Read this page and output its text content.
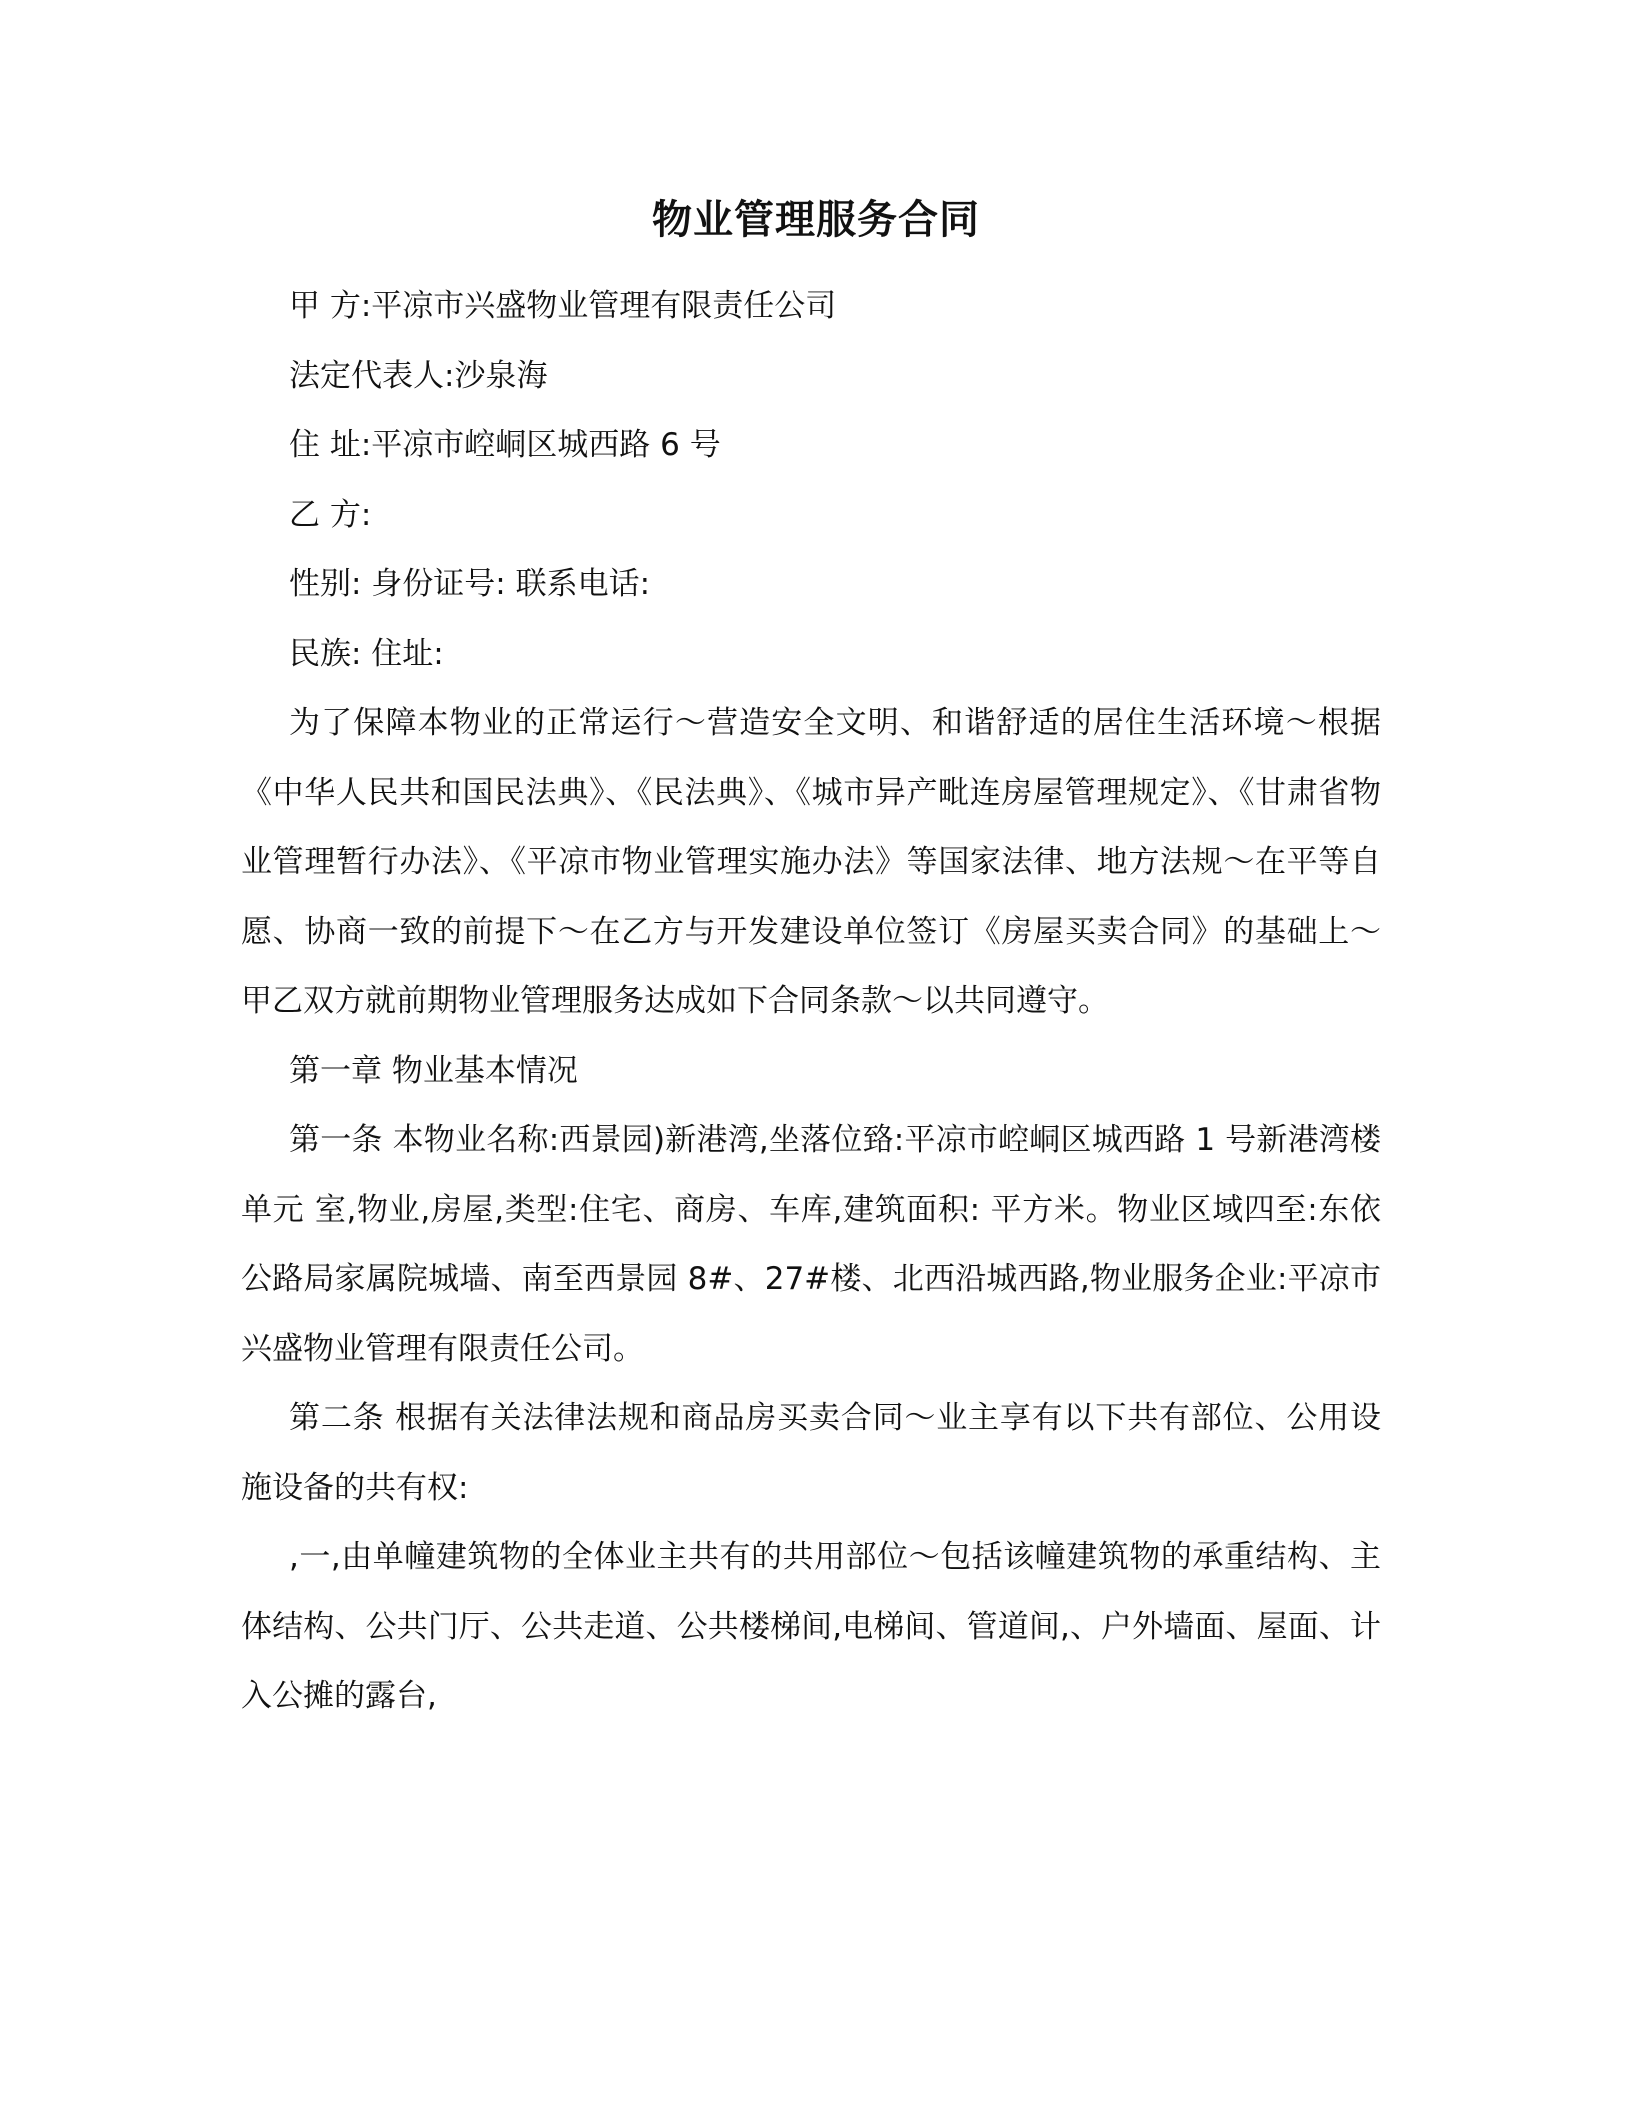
物业管理服务合同

甲 方:平凉市兴盛物业管理有限责任公司

法定代表人:沙泉海

住 址:平凉市崆峒区城西路 6 号

乙 方:

性别: 身份证号: 联系电话:

民族: 住址:

为了保障本物业的正常运行～营造安全文明、和谐舒适的居住生活环境～根据《中华人民共和国民法典》、《民法典》、《城市异产毗连房屋管理规定》、《甘肃省物业管理暂行办法》、《平凉市物业管理实施办法》等国家法律、地方法规～在平等自愿、协商一致的前提下～在乙方与开发建设单位签订《房屋买卖合同》的基础上～甲乙双方就前期物业管理服务达成如下合同条款～以共同遵守。

第一章 物业基本情况

第一条 本物业名称:西景园)新港湾,坐落位臵:平凉市崆峒区城西路 1 号新港湾楼 单元 室,物业,房屋,类型:住宅、商房、车库,建筑面积: 平方米。物业区域四至:东依公路局家属院城墙、南至西景园 8#、27#楼、北西沿城西路,物业服务企业:平凉市兴盛物业管理有限责任公司。

第二条 根据有关法律法规和商品房买卖合同～业主享有以下共有部位、公用设施设备的共有权:

,一,由单幢建筑物的全体业主共有的共用部位～包括该幢建筑物的承重结构、主体结构、公共门厅、公共走道、公共楼梯间,电梯间、管道间,、户外墙面、屋面、计入公摊的露台,
